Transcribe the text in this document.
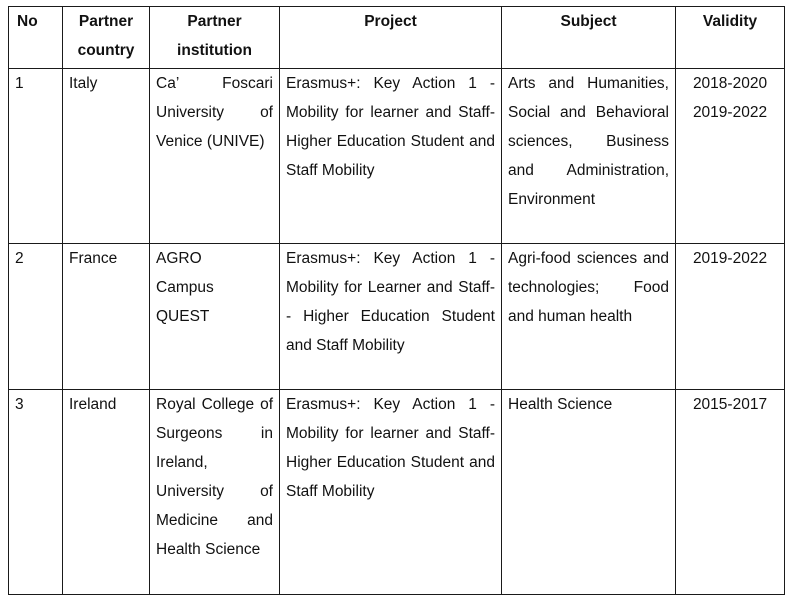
No	Partner country	Partner institution	Project	Subject	Validity
1	Italy	Ca’ Foscari University of Venice (UNIVE)	Erasmus+: Key Action 1 -Mobility for learner and Staff- Higher Education Student and Staff Mobility	Arts and Humanities, Social and Behavioral sciences, Business and Administration, Environment	2018-2020
2019-2022

2	France	AGRO Campus QUEST	Erasmus+: Key Action 1 -Mobility for Learner and Staff-- Higher Education Student and Staff Mobility	Agri-food sciences and technologies; Food and human health	2019-2022

3	Ireland	Royal College of Surgeons in Ireland, University of Medicine and Health Science	Erasmus+: Key Action 1 -Mobility for learner and Staff- Higher Education Student and Staff Mobility	Health Science	2015-2017
